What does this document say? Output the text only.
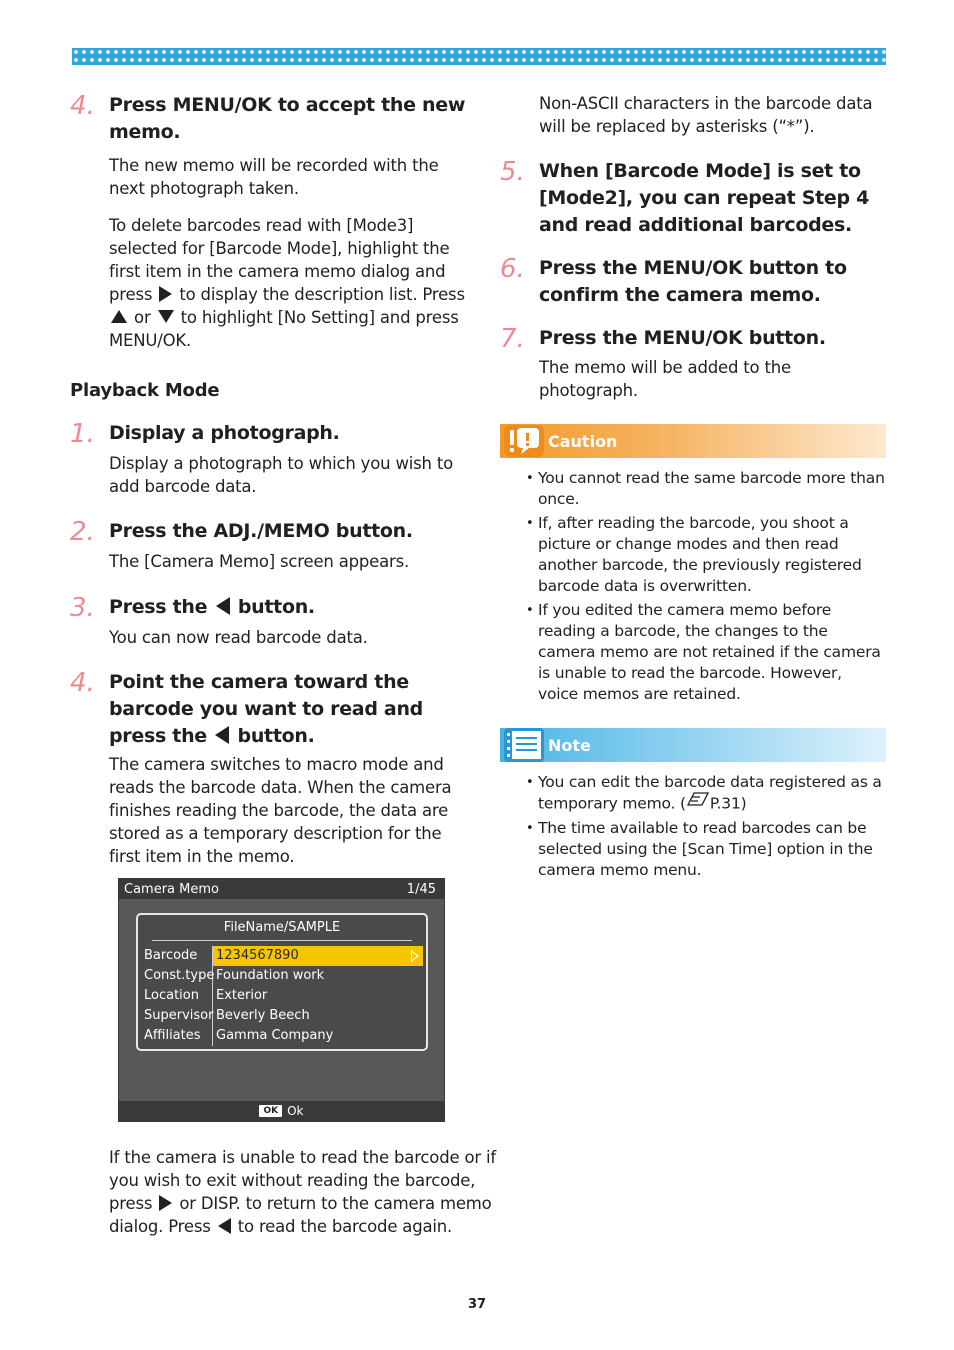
4. Press MENU/OK to accept the new memo.
The new memo will be recorded with the next photograph taken.
To delete barcodes read with [Mode3] selected for [Barcode Mode], highlight the first item in the camera memo dialog and press  to display the description list. Press  or  to highlight [No Setting] and press MENU/OK.
Playback Mode
1. Display a photograph.
Display a photograph to which you wish to add barcode data.
2. Press the ADJ./MEMO button.
The [Camera Memo] screen appears.
3. Press the  button.
You can now read barcode data.
4. Point the camera toward the barcode you want to read and press the  button.
The camera switches to macro mode and reads the barcode data. When the camera finishes reading the barcode, the data are stored as a temporary description for the first item in the memo.
Camera Memo	1/45
FileName/SAMPLE
Barcode	1234567890
Const.type Foundation work
Location	Exterior
Supervisor Beverly Beech
Affiliates	Gamma Company
OK Ok
If the camera is unable to read the barcode or if you wish to exit without reading the barcode, press  or DISP. to return to the camera memo dialog. Press  to read the barcode again.
Non-ASCII characters in the barcode data will be replaced by asterisks (“*”).
5. When [Barcode Mode] is set to [Mode2], you can repeat Step 4 and read additional barcodes.
6. Press the MENU/OK button to confirm the camera memo.
7. Press the MENU/OK button.
The memo will be added to the photograph.
Caution
• You cannot read the same barcode more than once.
• If, after reading the barcode, you shoot a picture or change modes and then read another barcode, the previously registered barcode data is overwritten.
• If you edited the camera memo before reading a barcode, the changes to the camera memo are not retained if the camera is unable to read the barcode. However, voice memos are retained.
Note
• You can edit the barcode data registered as a temporary memo. ( P.31)
• The time available to read barcodes can be selected using the [Scan Time] option in the camera memo menu.
37
